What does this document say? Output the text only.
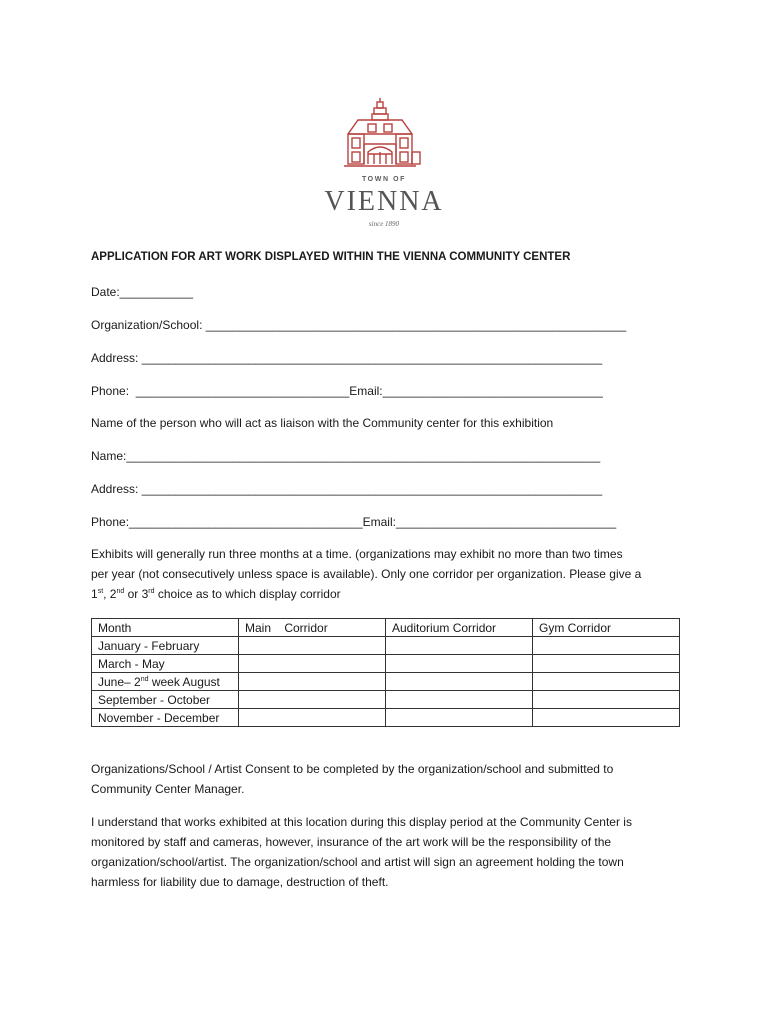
TOWN OF
VIENNA
since 1890
APPLICATION FOR ART WORK DISPLAYED WITHIN THE VIENNA COMMUNITY CENTER
Date:___________
Organization/School: _______________________________________________________________
Address: _____________________________________________________________________
Phone:  ________________________________Email:_________________________________
Name of the person who will act as liaison with the Community center for this exhibition
Name:_______________________________________________________________________
Address: _____________________________________________________________________
Phone:___________________________________Email:_________________________________
Exhibits will generally run three months at a time. (organizations may exhibit no more than two times
per year (not consecutively unless space is available). Only one corridor per organization. Please give a
1st, 2nd or 3rd choice as to which display corridor
Month	Main    Corridor	Auditorium Corridor	Gym Corridor
January - February			
March - May			
June– 2nd week August			
September - October			
November - December			
Organizations/School / Artist Consent to be completed by the organization/school and submitted to
Community Center Manager.
I understand that works exhibited at this location during this display period at the Community Center is
monitored by staff and cameras, however, insurance of the art work will be the responsibility of the
organization/school/artist. The organization/school and artist will sign an agreement holding the town
harmless for liability due to damage, destruction of theft.
